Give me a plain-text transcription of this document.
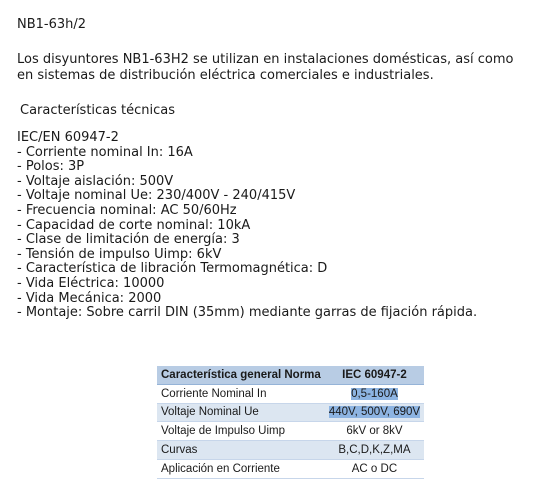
NB1-63h/2
Los disyuntores NB1-63H2 se utilizan en instalaciones domésticas, así como en sistemas de distribución eléctrica comerciales e industriales.
Características técnicas
IEC/EN 60947-2
- Corriente nominal In: 16A
- Polos: 3P
- Voltaje aislación: 500V
- Voltaje nominal Ue: 230/400V - 240/415V
- Frecuencia nominal: AC 50/60Hz
- Capacidad de corte nominal: 10kA
- Clase de limitación de energía: 3
- Tensión de impulso Uimp: 6kV
- Característica de libración Termomagnética: D
- Vida Eléctrica: 10000
- Vida Mecánica: 2000
- Montaje: Sobre carril DIN (35mm) mediante garras de fijación rápida.
Característica general Norma	IEC 60947-2
Corriente Nominal In	0,5-160A
Voltaje Nominal Ue	440V, 500V, 690V
Voltaje de Impulso Uimp	6kV or 8kV
Curvas	B,C,D,K,Z,MA
Aplicación en Corriente	AC o DC
